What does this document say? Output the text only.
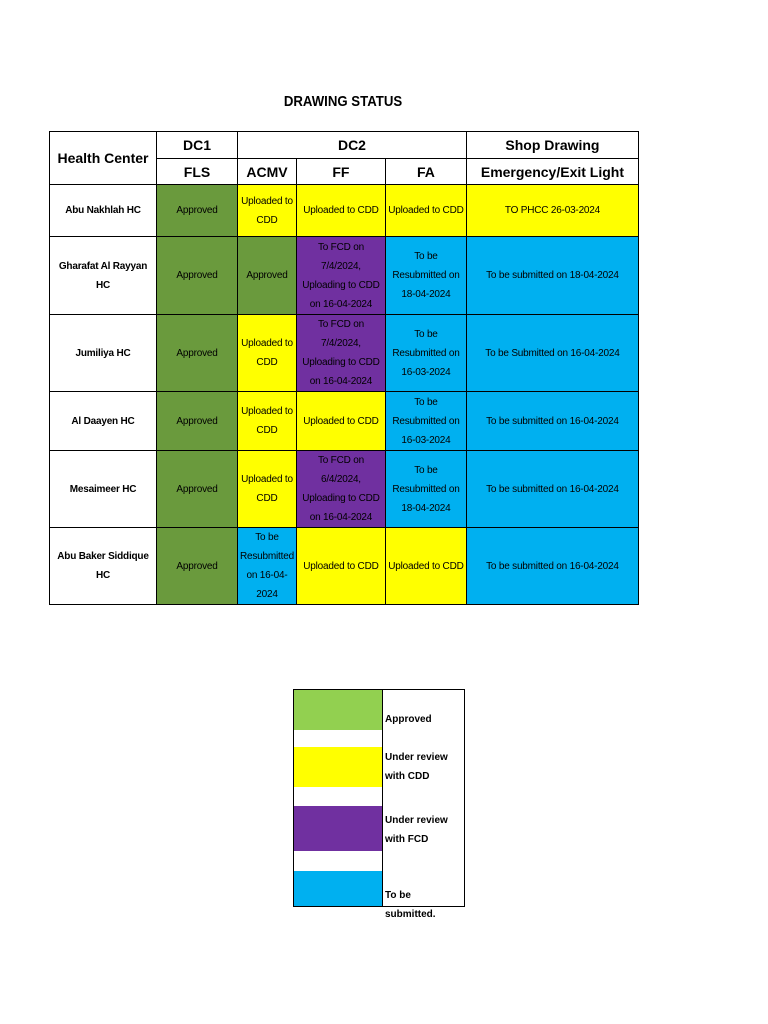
DRAWING STATUS
Health Center	DC1	DC2			Shop Drawing
	FLS	ACMV	FF	FA	Emergency/Exit Light
Abu Nakhlah HC	Approved	Uploaded to CDD	Uploaded to CDD	Uploaded to CDD	TO PHCC 26-03-2024
Gharafat Al Rayyan HC	Approved	Approved	To FCD on 7/4/2024, Uploading to CDD on 16-04-2024	To be Resubmitted on 18-04-2024	To be submitted on 18-04-2024
Jumiliya HC	Approved	Uploaded to CDD	To FCD on 7/4/2024, Uploading to CDD on 16-04-2024	To be Resubmitted on 16-03-2024	To be Submitted on 16-04-2024
Al Daayen HC	Approved	Uploaded to CDD	Uploaded to CDD	To be Resubmitted on 16-03-2024	To be submitted on 16-04-2024
Mesaimeer HC	Approved	Uploaded to CDD	To FCD on 6/4/2024, Uploading to CDD on 16-04-2024	To be Resubmitted on 18-04-2024	To be submitted on 16-04-2024
Abu Baker Siddique HC	Approved	To be Resubmitted on 16-04-2024	Uploaded to CDD	Uploaded to CDD	To be submitted on 16-04-2024
Approved
Under review with CDD
Under review with FCD
To be submitted.
